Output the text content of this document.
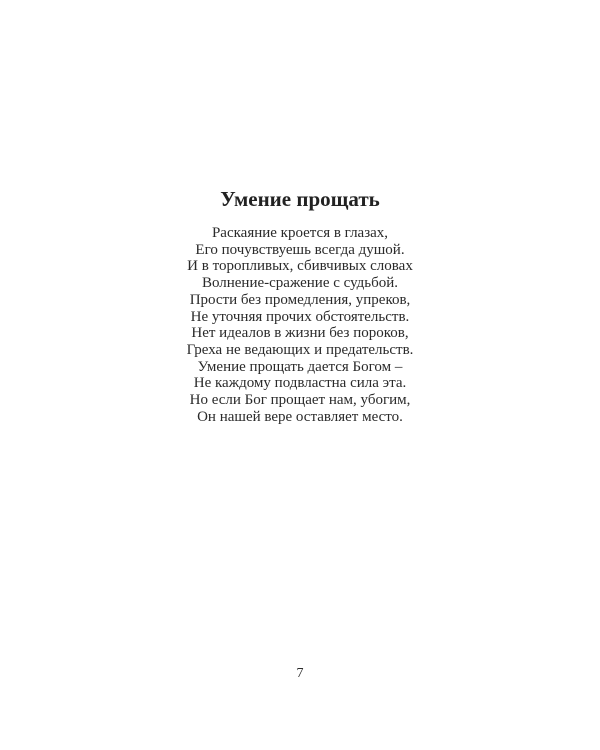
Умение прощать
Раскаяние кроется в глазах,
Его почувствуешь всегда душой.
И в торопливых, сбивчивых словах
Волнение-сражение с судьбой.
Прости без промедления, упреков,
Не уточняя прочих обстоятельств.
Нет идеалов в жизни без пороков,
Греха не ведающих и предательств.
Умение прощать дается Богом –
Не каждому подвластна сила эта.
Но если Бог прощает нам, убогим,
Он нашей вере оставляет место.
7
